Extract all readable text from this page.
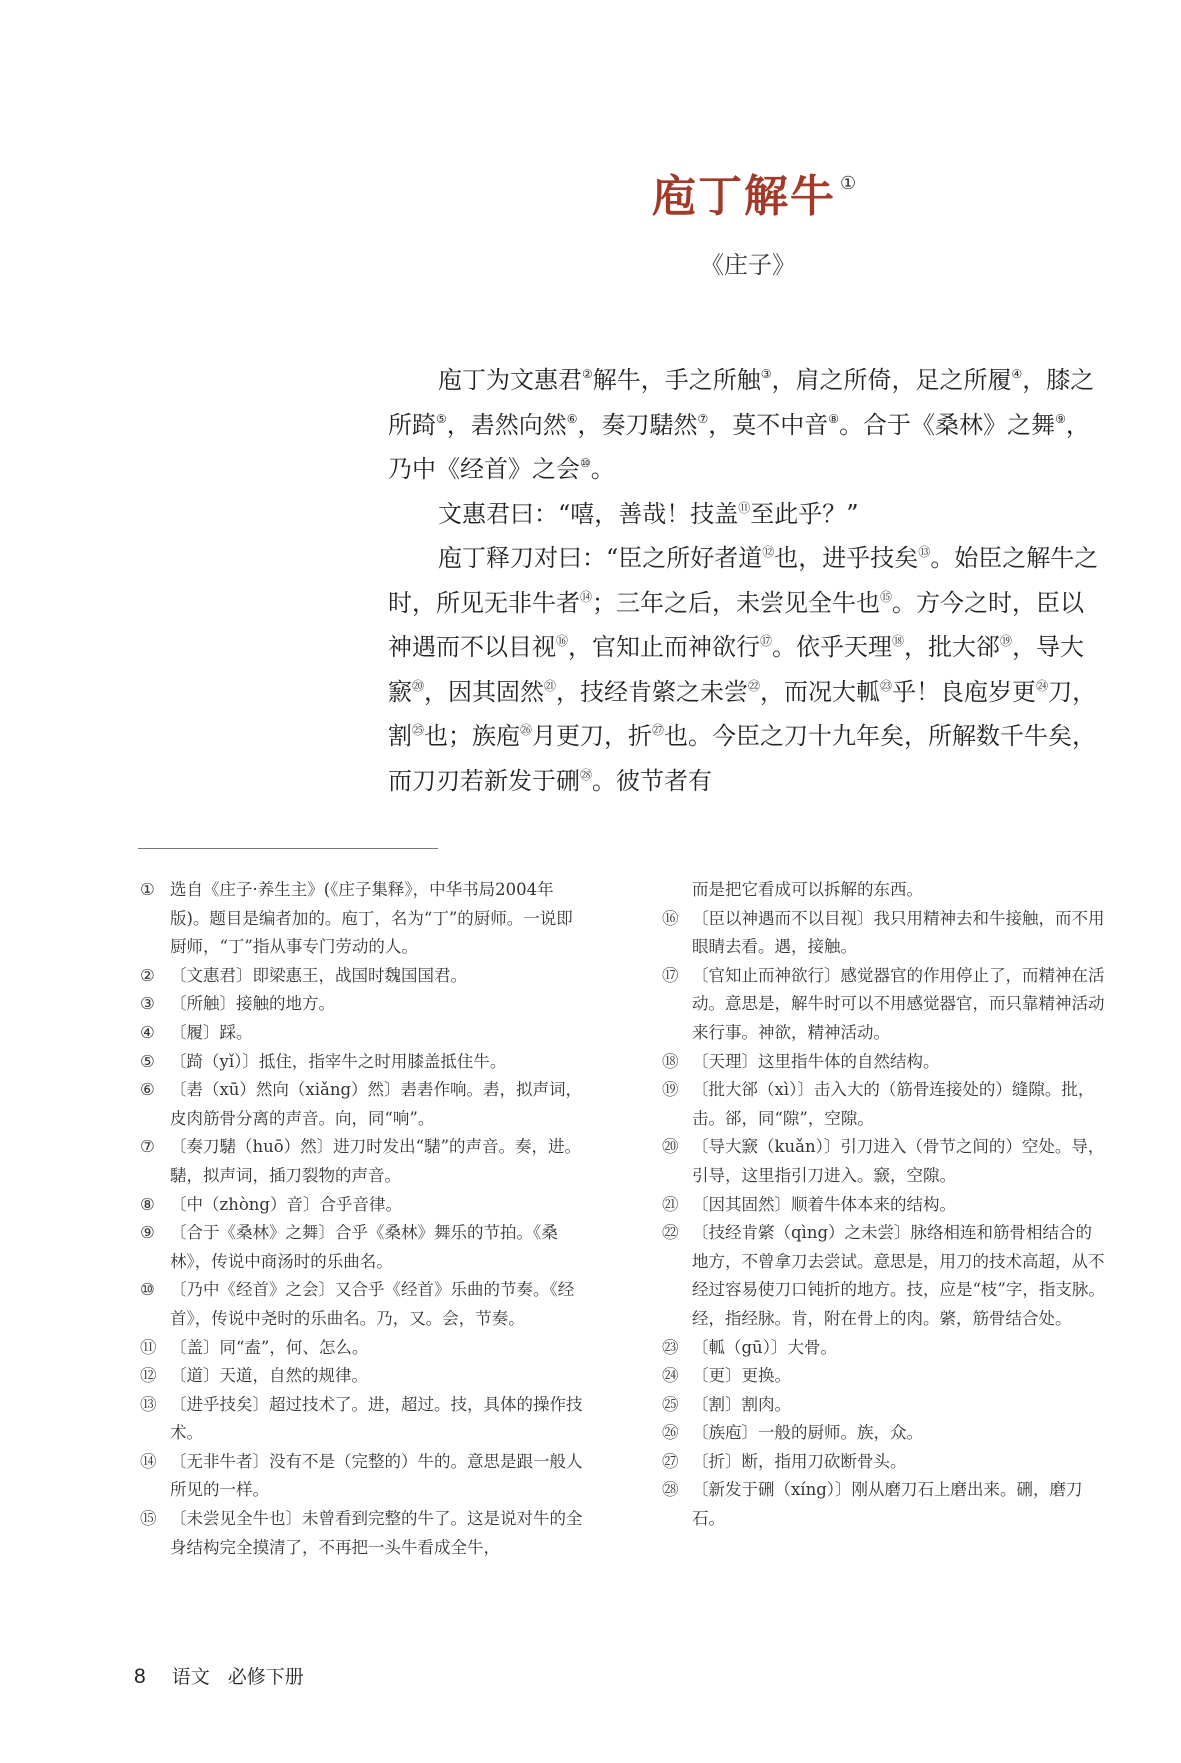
庖丁解牛 ①
《庄子》

庖丁为文惠君②解牛，手之所触③，肩之所倚，足之所履④，膝之所踦⑤，砉然向然⑥，奏刀騞然⑦，莫不中音⑧。合于《桑林》之舞⑨，乃中《经首》之会⑩。

文惠君曰：“嘻，善哉！技盖⑪至此乎？”

庖丁释刀对曰：“臣之所好者道⑫也，进乎技矣⑬。始臣之解牛之时，所见无非牛者⑭；三年之后，未尝见全牛也⑮。方今之时，臣以神遇而不以目视⑯，官知止而神欲行⑰。依乎天理⑱，批大郤⑲，导大窾⑳，因其固然$^㉑$，技经肯綮之未尝$^㉒$，而况大軱$^㉓$乎！良庖岁更$^㉔$刀，割$^㉕$也；族庖$^㉖$月更刀，折$^㉗$也。今臣之刀十九年矣，所解数千牛矣，而刀刃若新发于硎$^㉘$。彼节者有

① 选自《庄子·养生主》(《庄子集释》，中华书局2004年版)。题目是编者加的。庖丁，名为“丁”的厨师。一说即厨师，“丁”指从事专门劳动的人。
② 〔文惠君〕即梁惠王，战国时魏国国君。
③ 〔所触〕接触的地方。
④ 〔履〕踩。
⑤ 〔踦（yǐ）〕抵住，指宰牛之时用膝盖抵住牛。
⑥ 〔砉（xū）然向（xiǎng）然〕砉砉作响。砉，拟声词，皮肉筋骨分离的声音。向，同“响”。
⑦ 〔奏刀騞（huō）然〕进刀时发出“騞”的声音。奏，进。騞，拟声词，插刀裂物的声音。
⑧ 〔中（zhòng）音〕合乎音律。
⑨ 〔合于《桑林》之舞〕合乎《桑林》舞乐的节拍。《桑林》，传说中商汤时的乐曲名。
⑩ 〔乃中《经首》之会〕又合乎《经首》乐曲的节奏。《经首》，传说中尧时的乐曲名。乃，又。会，节奏。
⑪ 〔盖〕同“盍”，何、怎么。
⑫ 〔道〕天道，自然的规律。
⑬ 〔进乎技矣〕超过技术了。进，超过。技，具体的操作技术。
⑭ 〔无非牛者〕没有不是（完整的）牛的。意思是跟一般人所见的一样。
⑮ 〔未尝见全牛也〕未曾看到完整的牛了。这是说对牛的全身结构完全摸清了，不再把一头牛看成全牛，
而是把它看成可以拆解的东西。
⑯ 〔臣以神遇而不以目视〕我只用精神去和牛接触，而不用眼睛去看。遇，接触。
⑰ 〔官知止而神欲行〕感觉器官的作用停止了，而精神在活动。意思是，解牛时可以不用感觉器官，而只靠精神活动来行事。神欲，精神活动。
⑱ 〔天理〕这里指牛体的自然结构。
⑲ 〔批大郤（xì）〕击入大的（筋骨连接处的）缝隙。批，击。郤，同“隙”，空隙。
⑳ 〔导大窾（kuǎn）〕引刀进入（骨节之间的）空处。导，引导，这里指引刀进入。窾，空隙。
㉑ 〔因其固然〕顺着牛体本来的结构。
㉒ 〔技经肯綮（qìng）之未尝〕脉络相连和筋骨相结合的地方，不曾拿刀去尝试。意思是，用刀的技术高超，从不经过容易使刀口钝折的地方。技，应是“枝”字，指支脉。经，指经脉。肯，附在骨上的肉。綮，筋骨结合处。
㉓ 〔軱（gū）〕大骨。
㉔ 〔更〕更换。
㉕ 〔割〕割肉。
㉖ 〔族庖〕一般的厨师。族，众。
㉗ 〔折〕断，指用刀砍断骨头。
㉘ 〔新发于硎（xíng）〕刚从磨刀石上磨出来。硎，磨刀石。
8 语文 必修下册
